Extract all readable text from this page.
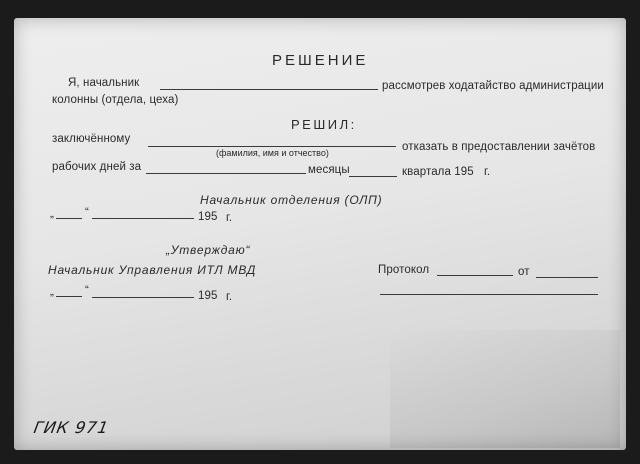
РЕШЕНИЕ
Я, начальник	рассмотрев ходатайство администрации
колонны (отдела, цеха)
РЕШИЛ:
заключённому
отказать в предоставлении зачётов
(фамилия, имя и отчество)
рабочих дней за	месяцы	квартала 195 г.
Начальник отделения (ОЛП)
„	“	195 г.
„Утверждаю“
Начальник Управления ИТЛ МВД	Протокол	от
„	“	195 г.
ГИК 971
